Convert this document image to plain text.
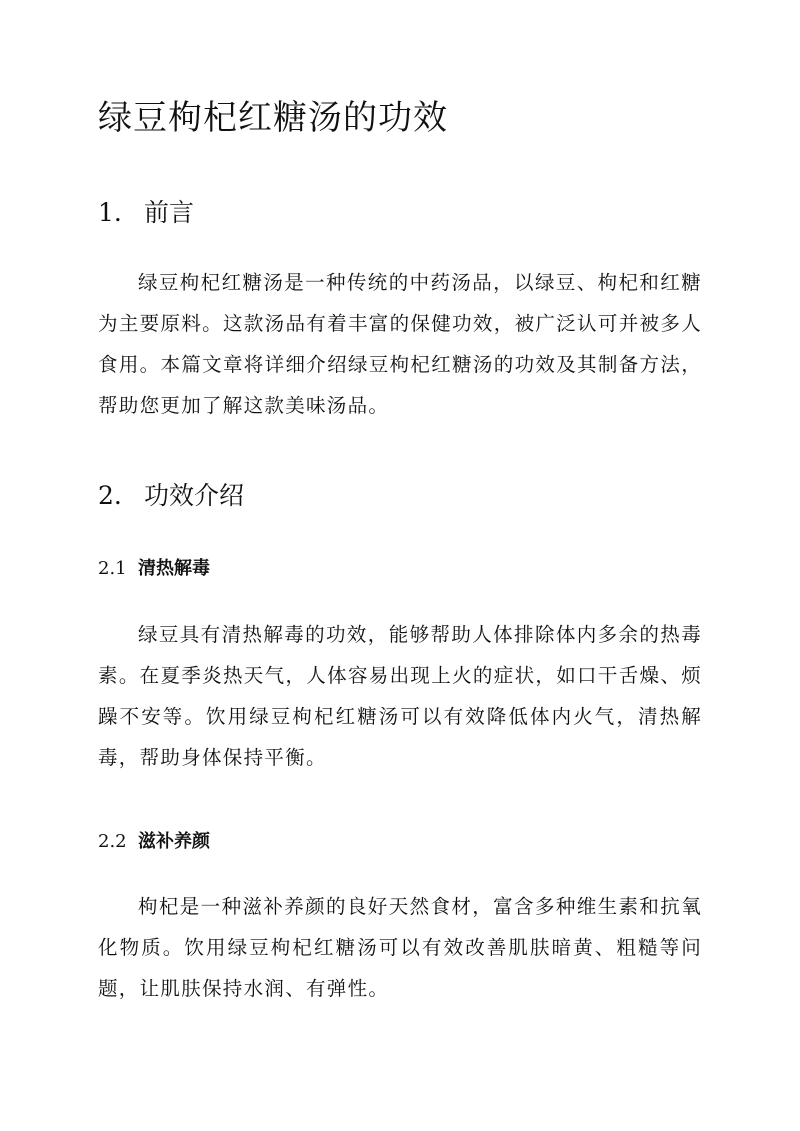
绿豆枸杞红糖汤的功效
1. 前言

绿豆枸杞红糖汤是一种传统的中药汤品，以绿豆、枸杞和红糖为主要原料。这款汤品有着丰富的保健功效，被广泛认可并被多人食用。本篇文章将详细介绍绿豆枸杞红糖汤的功效及其制备方法，帮助您更加了解这款美味汤品。

2. 功效介绍
2.1 清热解毒

绿豆具有清热解毒的功效，能够帮助人体排除体内多余的热毒素。在夏季炎热天气，人体容易出现上火的症状，如口干舌燥、烦躁不安等。饮用绿豆枸杞红糖汤可以有效降低体内火气，清热解毒，帮助身体保持平衡。

2.2 滋补养颜

枸杞是一种滋补养颜的良好天然食材，富含多种维生素和抗氧化物质。饮用绿豆枸杞红糖汤可以有效改善肌肤暗黄、粗糙等问题，让肌肤保持水润、有弹性。
